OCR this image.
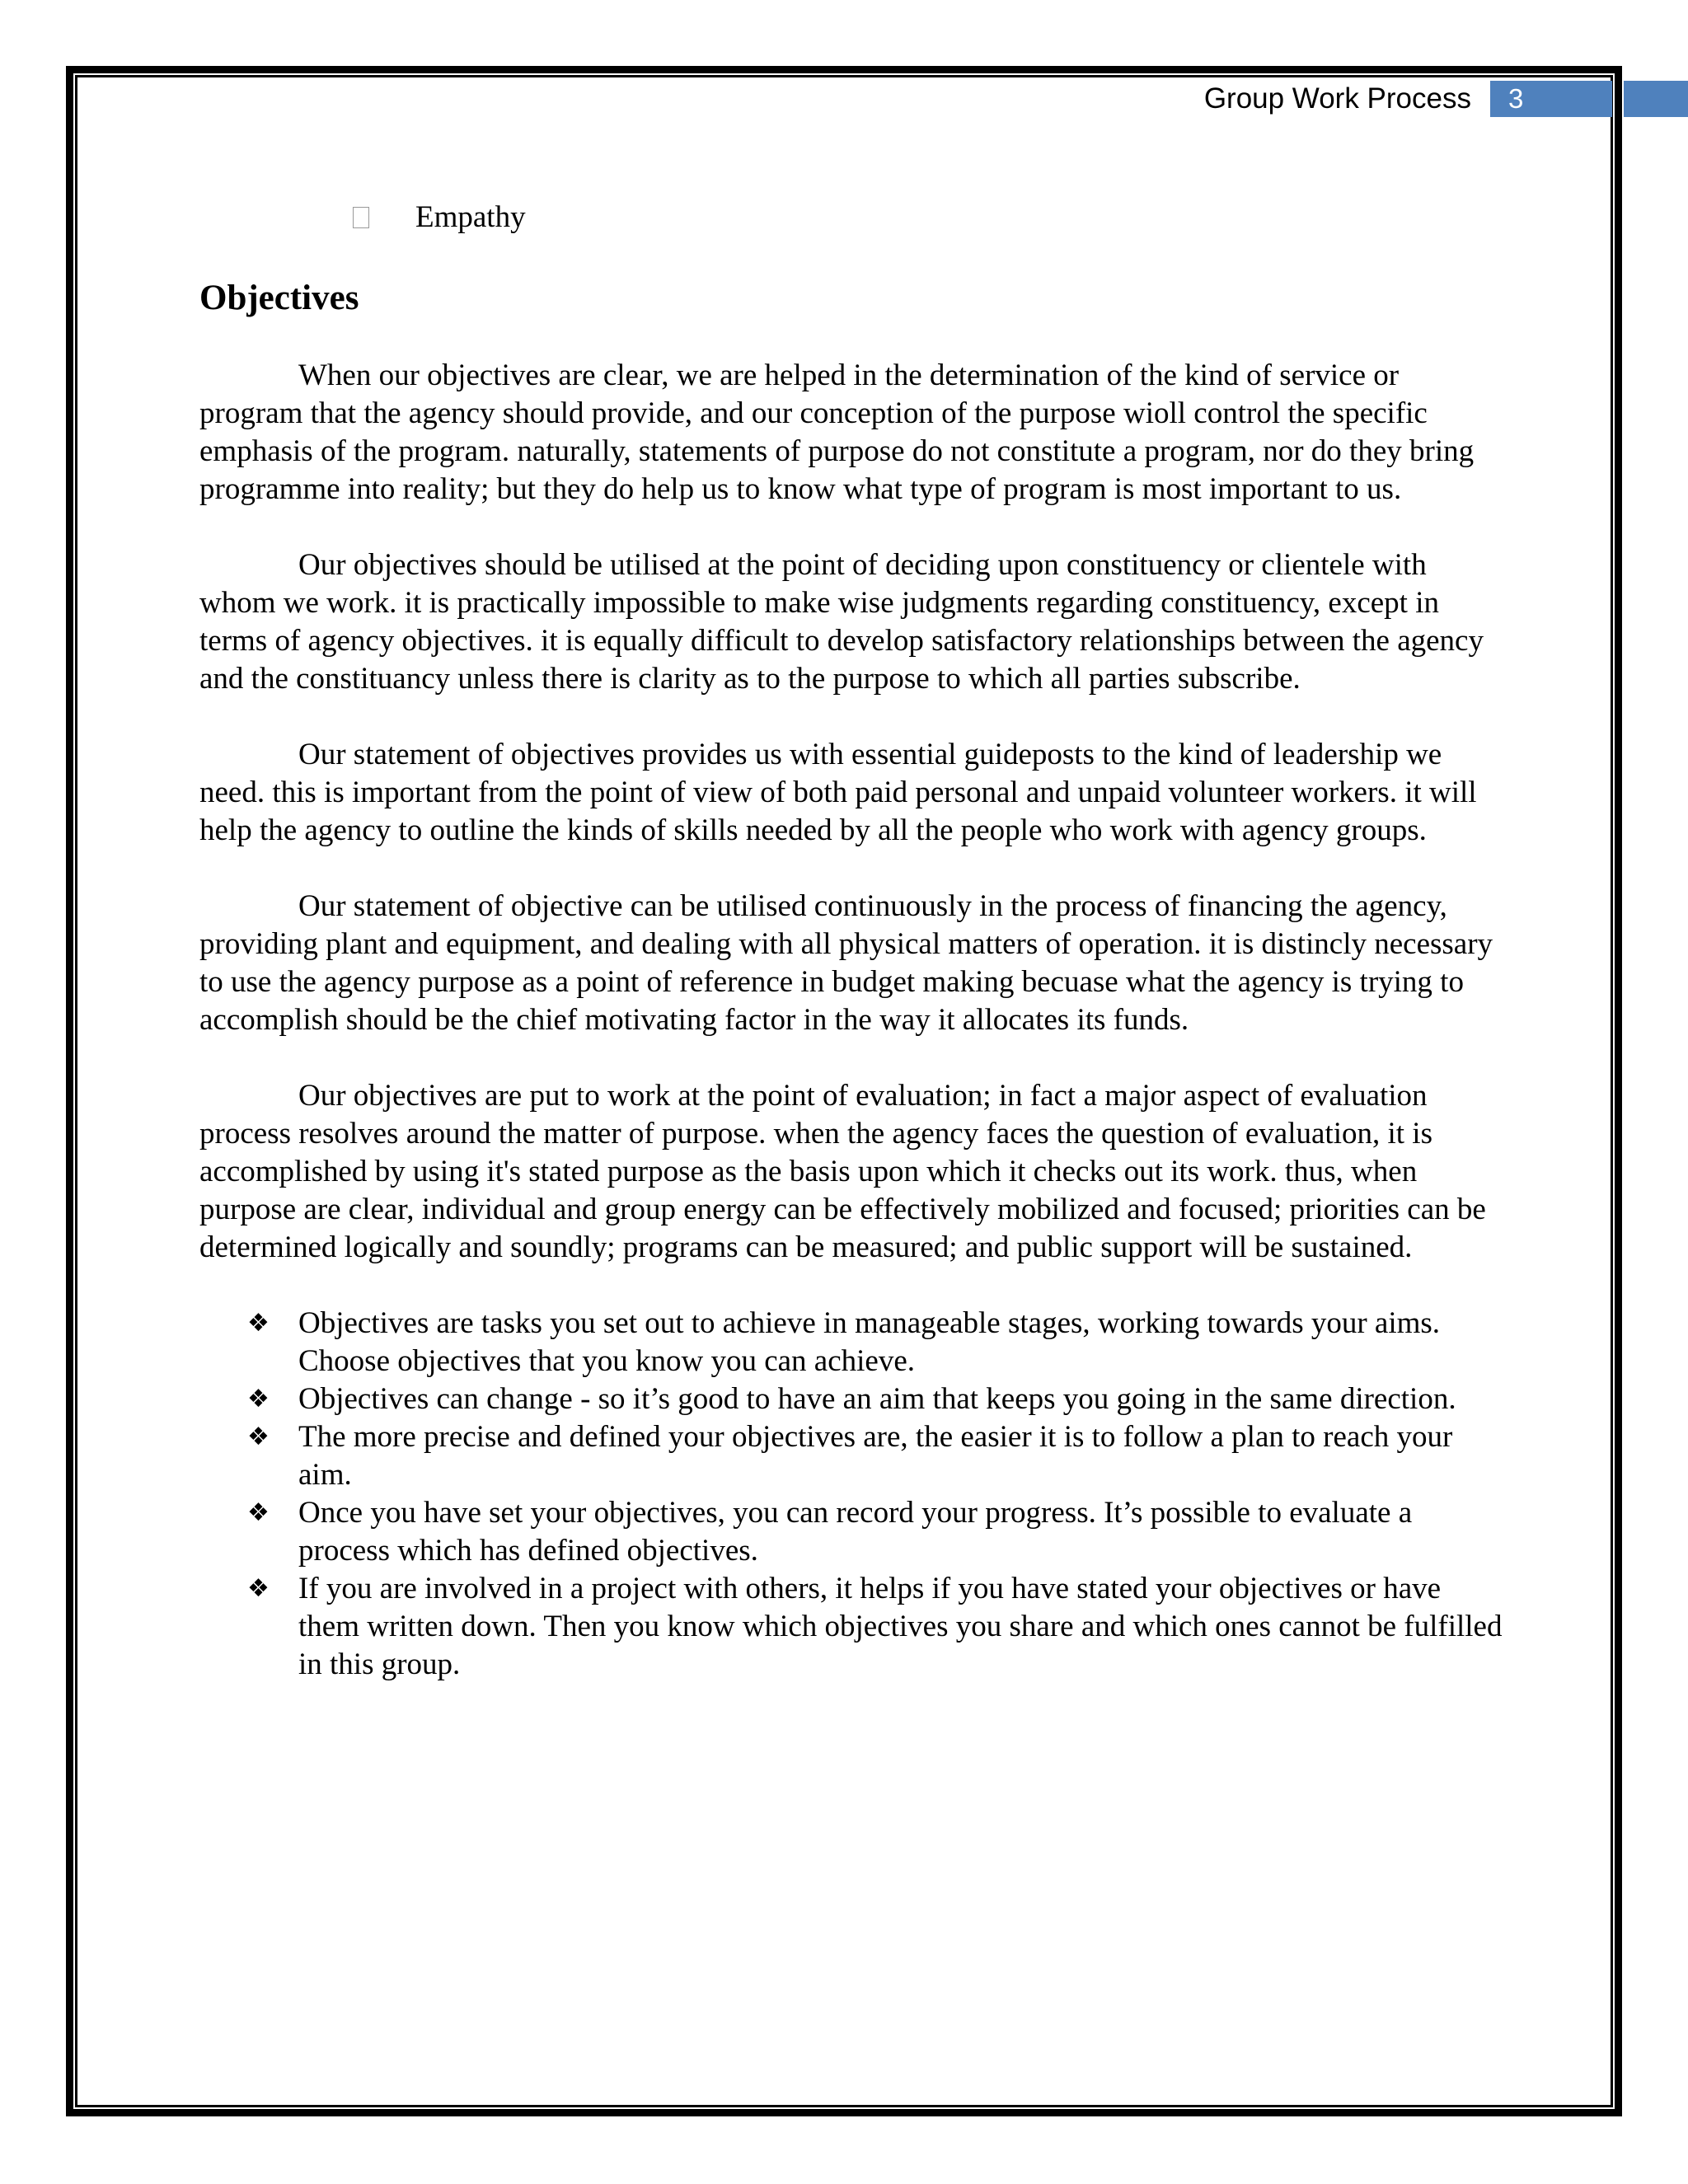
Group Work Process	3
Empathy
Objectives

When our objectives are clear, we are helped in the determination of the kind of service or program that the agency should provide, and our conception of the purpose wioll control the specific emphasis of the program. naturally, statements of purpose do not constitute a program, nor do they bring programme into reality; but they do help us to know what type of program is most important to us.

Our objectives should be utilised at the point of deciding upon constituency or clientele with whom we work. it is practically impossible to make wise judgments regarding constituency, except in terms of agency objectives. it is equally difficult to develop satisfactory relationships between the agency and the constituancy unless there is clarity as to the purpose to which all parties subscribe.

Our statement of objectives provides us with essential guideposts to the kind of leadership we need. this is important from the point of view of both paid personal and unpaid volunteer workers. it will help the agency to outline the kinds of skills needed by all the people who work with agency groups.

Our statement of objective can be utilised continuously in the process of financing the agency, providing plant and equipment, and dealing with all physical matters of operation. it is distincly necessary to use the agency purpose as a point of reference in budget making becuase what the agency is trying to accomplish should be the chief motivating factor in the way it allocates its funds.

Our objectives are put to work at the point of evaluation; in fact a major aspect of evaluation process resolves around the matter of purpose. when the agency faces the question of evaluation, it is accomplished by using it's stated purpose as the basis upon which it checks out its work. thus, when purpose are clear, individual and group energy can be effectively mobilized and focused; priorities can be determined logically and soundly; programs can be measured; and public support will be sustained.

❖ Objectives are tasks you set out to achieve in manageable stages, working towards your aims. Choose objectives that you know you can achieve.
❖ Objectives can change - so it’s good to have an aim that keeps you going in the same direction.
❖ The more precise and defined your objectives are, the easier it is to follow a plan to reach your aim.
❖ Once you have set your objectives, you can record your progress. It’s possible to evaluate a process which has defined objectives.
❖ If you are involved in a project with others, it helps if you have stated your objectives or have them written down. Then you know which objectives you share and which ones cannot be fulfilled in this group.
